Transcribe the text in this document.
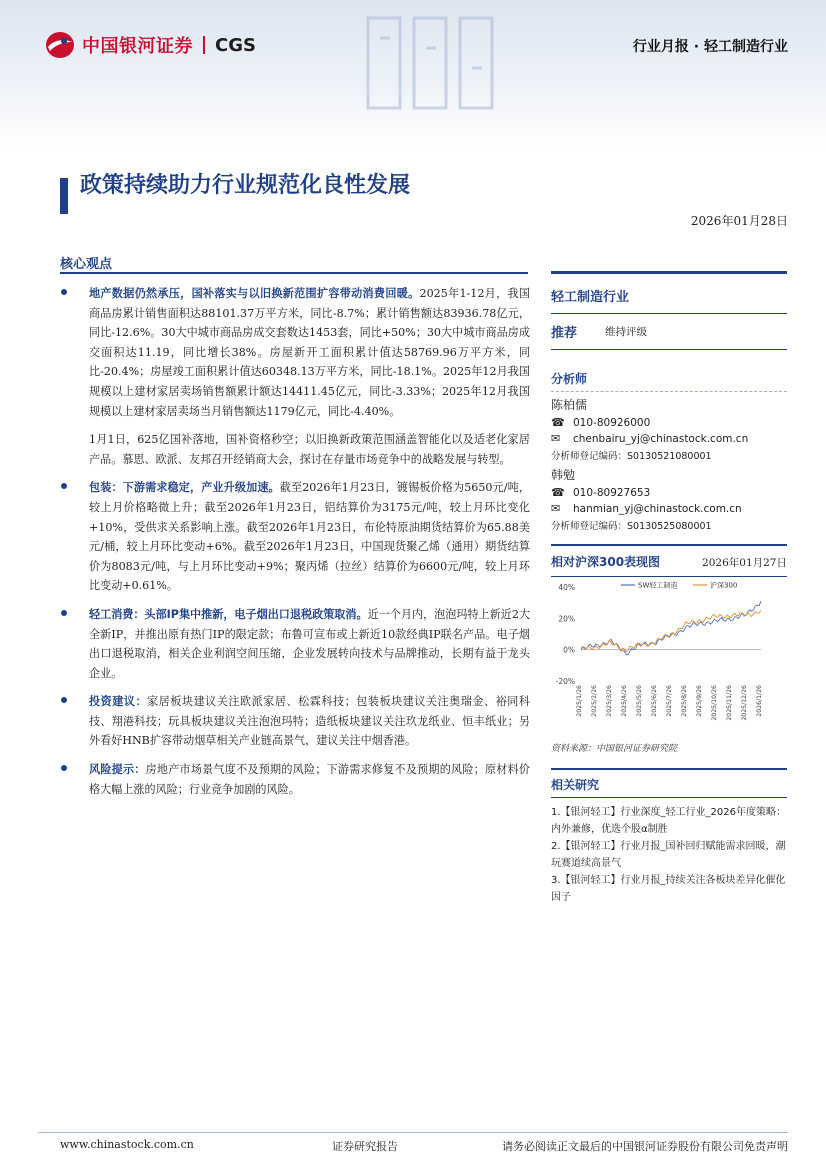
中国银河证券 CGS	行业月报 · 轻工制造行业
政策持续助力行业规范化良性发展
2026年01月28日
核心观点
地产数据仍然承压，国补落实与以旧换新范围扩容带动消费回暖。2025年1-12月，我国商品房累计销售面积达88101.37万平方米，同比-8.7%；累计销售额达83936.78亿元，同比-12.6%。30大中城市商品房成交套数达1453套，同比+50%；30大中城市商品房成交面积达11.19，同比增长38%。房屋新开工面积累计值达58769.96万平方米，同比-20.4%；房屋竣工面积累计值达60348.13万平方米，同比-18.1%。2025年12月我国规模以上建材家居卖场销售额累计额达14411.45亿元，同比-3.33%；2025年12月我国规模以上建材家居卖场当月销售额达1179亿元，同比-4.40%。
1月1日，625亿国补落地，国补资格秒空；以旧换新政策范围涵盖智能化以及适老化家居产品。慕思、欧派、友邦召开经销商大会，探讨在存量市场竞争中的战略发展与转型。
包装：下游需求稳定，产业升级加速。截至2026年1月23日，镀锡板价格为5650元/吨，较上月价格略微上升；截至2026年1月23日，铝结算价为3175元/吨，较上月环比变化+10%，受供求关系影响上涨。截至2026年1月23日，布伦特原油期货结算价为65.88美元/桶，较上月环比变动+6%。截至2026年1月23日，中国现货聚乙烯（通用）期货结算价为8083元/吨，与上月环比变动+9%；聚丙烯（拉丝）结算价为6600元/吨，较上月环比变动+0.61%。
轻工消费：头部IP集中推新，电子烟出口退税政策取消。近一个月内，泡泡玛特上新近2大全新IP，并推出原有热门IP的限定款；布鲁可宣布或上新近10款经典IP联名产品。电子烟出口退税取消，相关企业利润空间压缩，企业发展转向技术与品牌推动，长期有益于龙头企业。
投资建议：家居板块建议关注欧派家居、松霖科技；包装板块建议关注奥瑞金、裕同科技、翔港科技；玩具板块建议关注泡泡玛特；造纸板块建议关注玖龙纸业、恒丰纸业；另外看好HNB扩容带动烟草相关产业链高景气，建议关注中烟香港。
风险提示：房地产市场景气度不及预期的风险；下游需求修复不及预期的风险；原材料价格大幅上涨的风险；行业竞争加剧的风险。
轻工制造行业
推荐	维持评级
分析师
陈柏儒
☎ 010-80926000
✉	chenbairu_yj@chinastock.com.cn
分析师登记编码：S0130521080001
韩勉
☎ 010-80927653
✉	hanmian_yj@chinastock.com.cn
分析师登记编码：S0130525080001
相对沪深300表现图	2026年01月27日
40%
20%
0%
-20%
2025/1/26 2025/2/26 2025/3/26 2025/4/26 2025/5/26 2025/6/26 2025/7/26 2025/8/26 2025/9/26 2025/10/26 2025/11/26 2025/12/26 2026/1/26
SW轻工制造	沪深300
资料来源：中国银河证券研究院
相关研究
1.【银河轻工】行业深度_轻工行业_2026年度策略：内外兼修，优选个股α制胜
2.【银河轻工】行业月报_国补回归赋能需求回暖，潮玩赛道续高景气
3.【银河轻工】行业月报_持续关注各板块差异化催化因子
www.chinastock.com.cn	证券研究报告	请务必阅读正文最后的中国银河证券股份有限公司免责声明
